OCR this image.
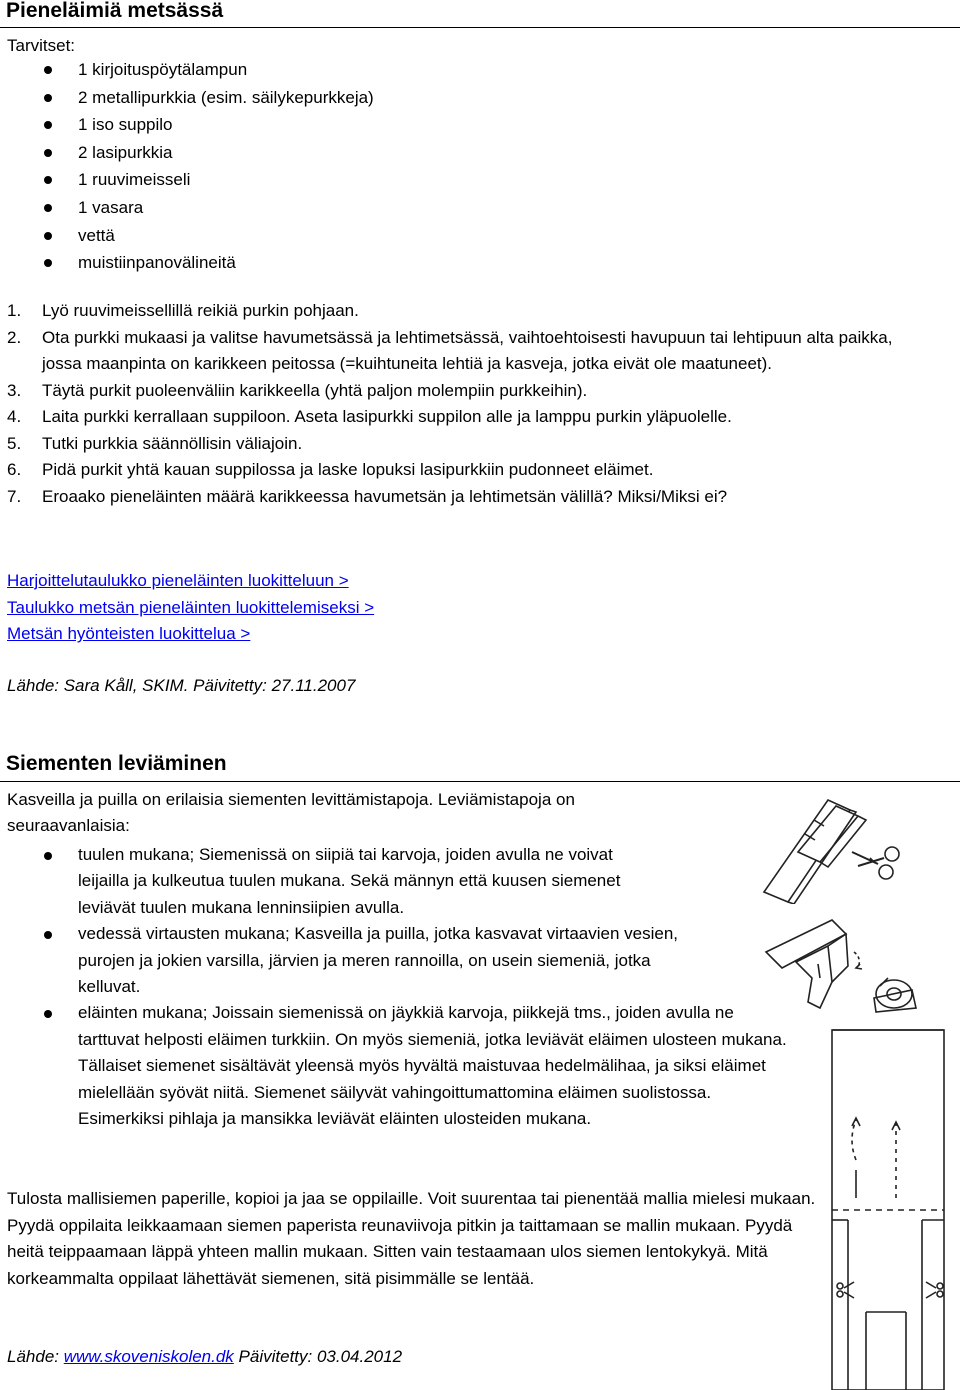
Pieneläimiä metsässä

Tarvitset:

1 kirjoituspöytälampun
2 metallipurkkia (esim. säilykepurkkeja)
1 iso suppilo
2 lasipurkkia
1 ruuvimeisseli
1 vasara
vettä
muistiinpanovälineitä
1. Lyö ruuvimeissellillä reikiä purkin pohjaan.
2. Ota purkki mukaasi ja valitse havumetsässä ja lehtimetsässä, vaihtoehtoisesti havupuun tai lehtipuun alta paikka, jossa maanpinta on karikkeen peitossa (=kuihtuneita lehtiä ja kasveja, jotka eivät ole maatuneet).
3. Täytä purkit puoleenväliin karikkeella (yhtä paljon molempiin purkkeihin).
4. Laita purkki kerrallaan suppiloon. Aseta lasipurkki suppilon alle ja lamppu purkin yläpuolelle.
5. Tutki purkkia säännöllisin väliajoin.
6. Pidä purkit yhtä kauan suppilossa ja laske lopuksi lasipurkkiin pudonneet eläimet.
7. Eroaako pieneläinten määrä karikkeessa havumetsän ja lehtimetsän välillä? Miksi/Miksi ei?
Harjoittelutaulukko pieneläinten luokitteluun >
Taulukko metsän pieneläinten luokittelemiseksi >
Metsän hyönteisten luokittelua >

Lähde: Sara Kåll, SKIM. Päivitetty: 27.11.2007

Siementen leviäminen

Kasveilla ja puilla on erilaisia siementen levittämistapoja. Leviämistapoja on

seuraavanlaisia:

tuulen mukana; Siemenissä on siipiä tai karvoja, joiden avulla ne voivat leijailla ja kulkeutua tuulen mukana. Sekä männyn että kuusen siemenet leviävät tuulen mukana lenninsiipien avulla.
vedessä virtausten mukana; Kasveilla ja puilla, jotka kasvavat virtaavien vesien, purojen ja jokien varsilla, järvien ja meren rannoilla, on usein siemeniä, jotka kelluvat.
eläinten mukana; Joissain siemenissä on jäykkiä karvoja, piikkejä tms., joiden avulla ne tarttuvat helposti eläimen turkkiin. On myös siemeniä, jotka leviävät eläimen ulosteen mukana. Tällaiset siemenet sisältävät yleensä myös hyvältä maistuvaa hedelmälihaa, ja siksi eläimet mielellään syövät niitä. Siemenet säilyvät vahingoittumattomina eläimen suolistossa. Esimerkiksi pihlaja ja mansikka leviävät eläinten ulosteiden mukana.

Tulosta mallisiemen paperille, kopioi ja jaa se oppilaille. Voit suurentaa tai pienentää mallia mielesi mukaan. Pyydä oppilaita leikkaamaan siemen paperista reunaviivoja pitkin ja taittamaan se mallin mukaan. Pyydä heitä teippaamaan läppä yhteen mallin mukaan. Sitten vain testaamaan ulos siemen lentokykyä. Mitä korkeammalta oppilaat lähettävät siemenen, sitä pisimmälle se lentää.

Lähde: www.skoveniskolen.dk Päivitetty: 03.04.2012
